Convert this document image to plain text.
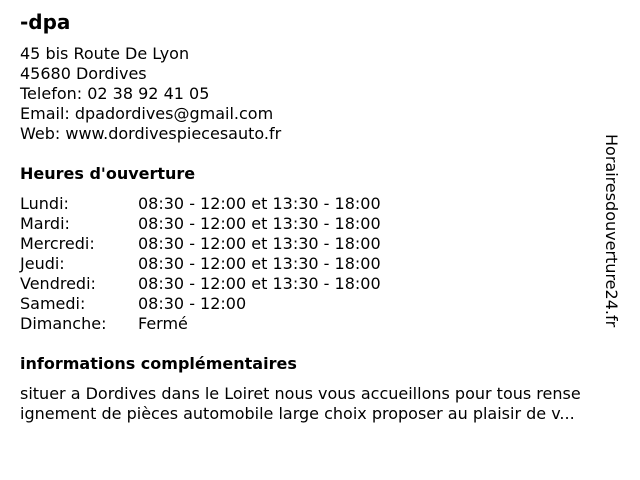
-dpa
45 bis Route De Lyon
45680 Dordives
Telefon: 02 38 92 41 05
Email: dpadordives@gmail.com
Web: www.dordivespiecesauto.fr
Heures d'ouverture
Lundi:	08:30 - 12:00 et 13:30 - 18:00
Mardi:	08:30 - 12:00 et 13:30 - 18:00
Mercredi:	08:30 - 12:00 et 13:30 - 18:00
Jeudi:	08:30 - 12:00 et 13:30 - 18:00
Vendredi:	08:30 - 12:00 et 13:30 - 18:00
Samedi:	08:30 - 12:00
Dimanche: Fermé
informations complémentaires
situer a Dordives dans le Loiret nous vous accueillons pour tous rense
ignement de pièces automobile large choix proposer au plaisir de v...
Horairesdouverture24.fr
